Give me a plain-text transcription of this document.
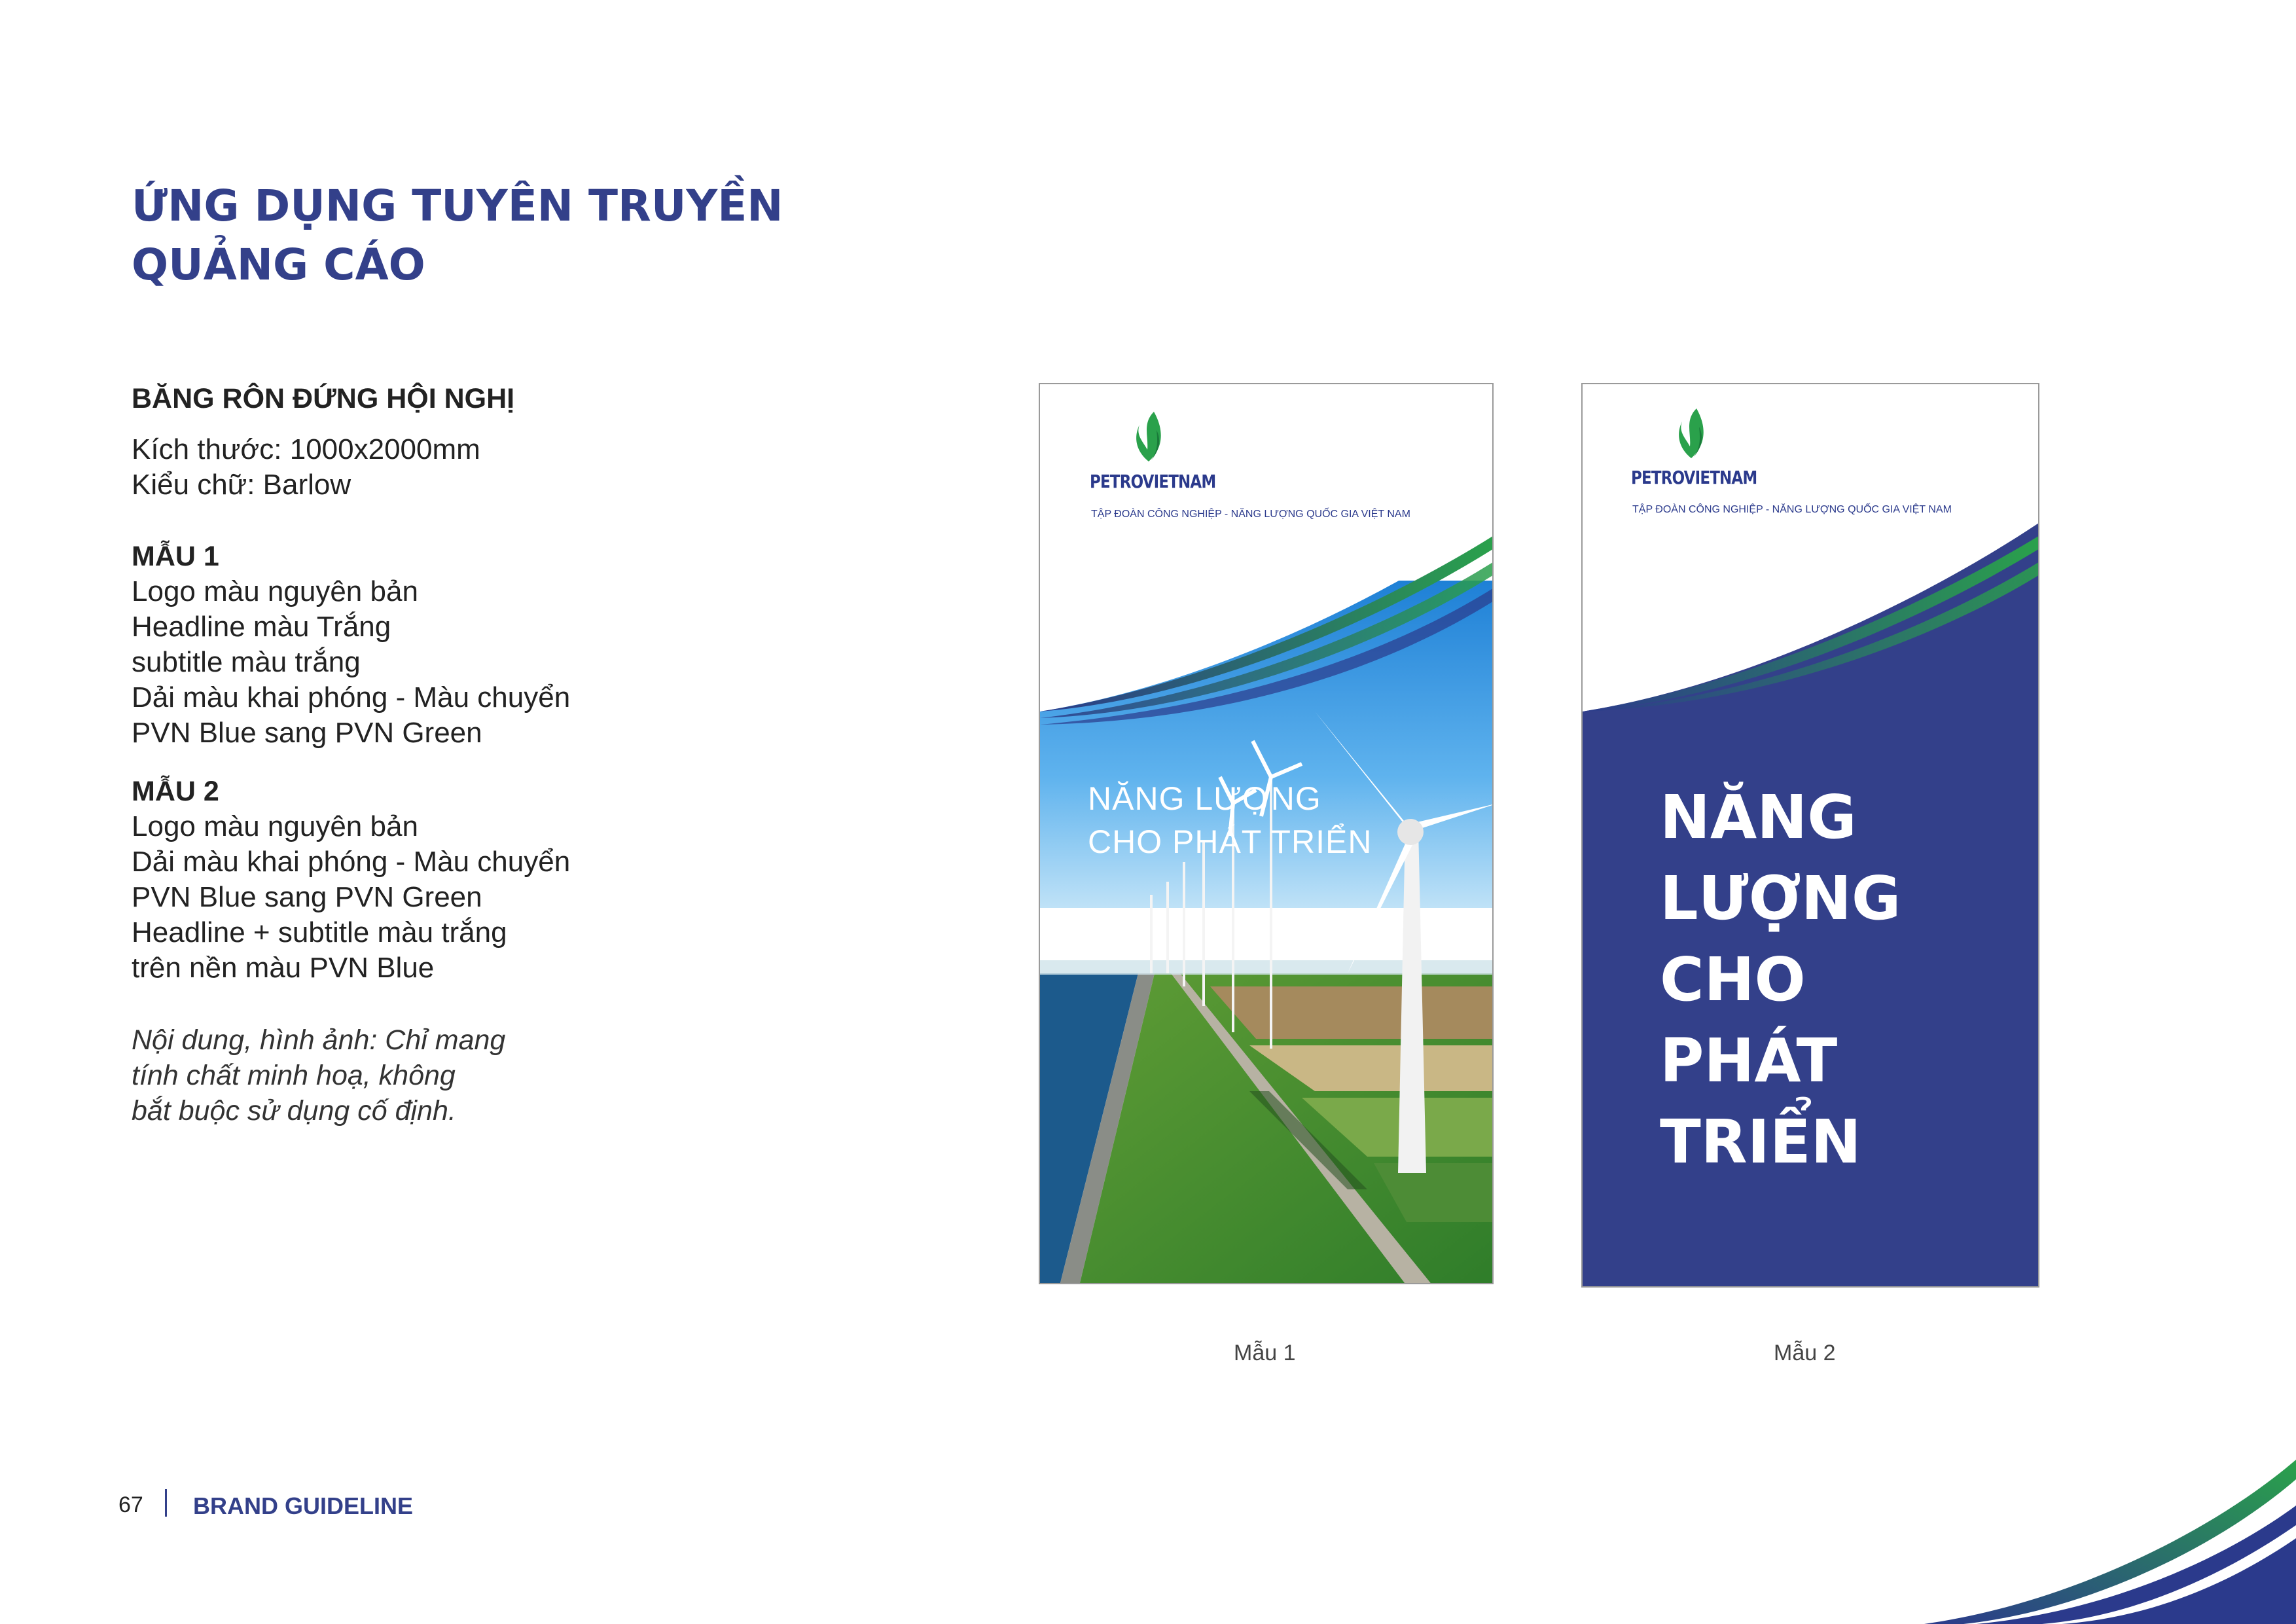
ỨNG DỤNG TUYÊN TRUYỀN
QUẢNG CÁO
BĂNG RÔN ĐỨNG HỘI NGHỊ
Kích thước: 1000x2000mm
Kiểu chữ: Barlow
MẪU 1
Logo màu nguyên bản
Headline màu Trắng
subtitle màu trắng
Dải màu khai phóng - Màu chuyển
PVN Blue sang PVN Green
MẪU 2
Logo màu nguyên bản
Dải màu khai phóng - Màu chuyển
PVN Blue sang PVN Green
Headline + subtitle màu trắng
trên nền màu PVN Blue
Nội dung, hình ảnh: Chỉ mang
tính chất minh hoạ, không
bắt buộc sử dụng cố định.
PETROVIETNAM
TẬP ĐOÀN CÔNG NGHIỆP - NĂNG LƯỢNG QUỐC GIA VIỆT NAM
NĂNG LƯỢNG
CHO PHÁT TRIỂN
PETROVIETNAM
TẬP ĐOÀN CÔNG NGHIỆP - NĂNG LƯỢNG QUỐC GIA VIỆT NAM
NĂNG
LƯỢNG
CHO
PHÁT
TRIỂN
Mẫu 1	Mẫu 2
67 BRAND GUIDELINE
